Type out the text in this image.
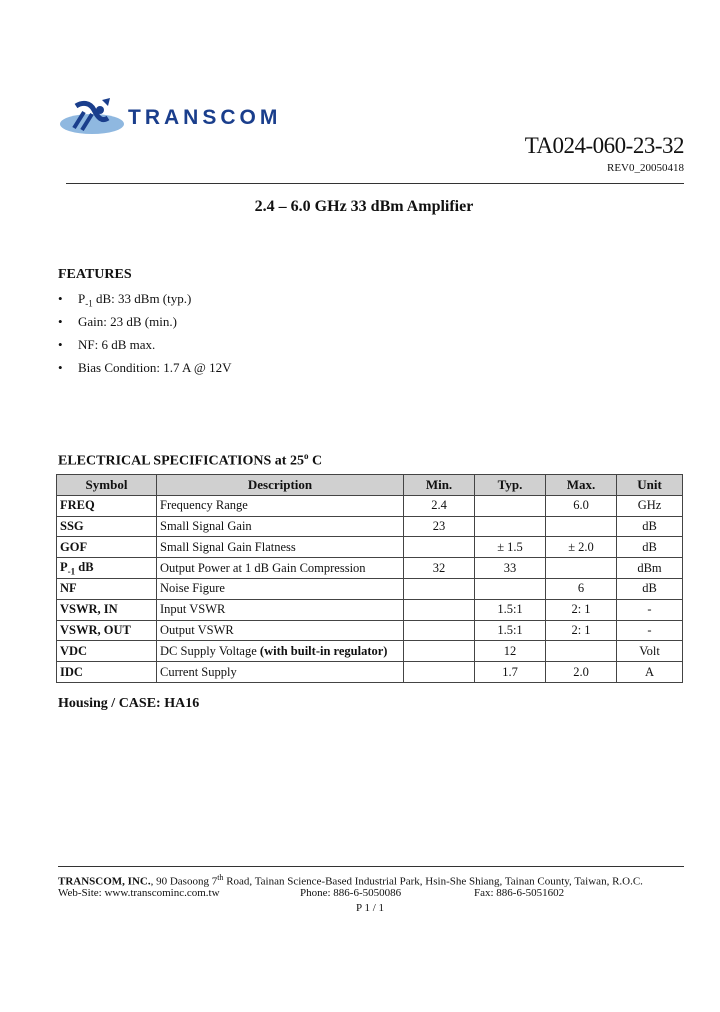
TRANSCOM
TA024-060-23-32
REV0_20050418
2.4 – 6.0 GHz 33 dBm Amplifier
FEATURES
• $P_{-1}$ dB: 33 dBm (typ.)
• Gain: 23 dB (min.)
• NF: 6 dB max.
• Bias Condition: 1.7 A @ 12V
ELECTRICAL SPECIFICATIONS at 25$^o$ C
Symbol	Description	Min.	Typ.	Max.	Unit
FREQ	Frequency Range	2.4		6.0	GHz
SSG	Small Signal Gain	23			dB
GOF	Small Signal Gain Flatness		± 1.5	± 2.0	dB
$P_{-1}$ dB	Output Power at 1 dB Gain Compression	32	33		dBm
NF	Noise Figure			6	dB
VSWR, IN	Input VSWR		1.5:1	2: 1	-
VSWR, OUT	Output VSWR		1.5:1	2: 1	-
VDC	DC Supply Voltage (with built-in regulator)		12		Volt
IDC	Current Supply		1.7	2.0	A
Housing / CASE: HA16
TRANSCOM, INC., 90 Dasoong 7th Road, Tainan Science-Based Industrial Park, Hsin-She Shiang, Tainan County, Taiwan, R.O.C.
Web-Site: www.transcominc.com.tw	Phone: 886-6-5050086	Fax: 886-6-5051602
P 1 / 1
